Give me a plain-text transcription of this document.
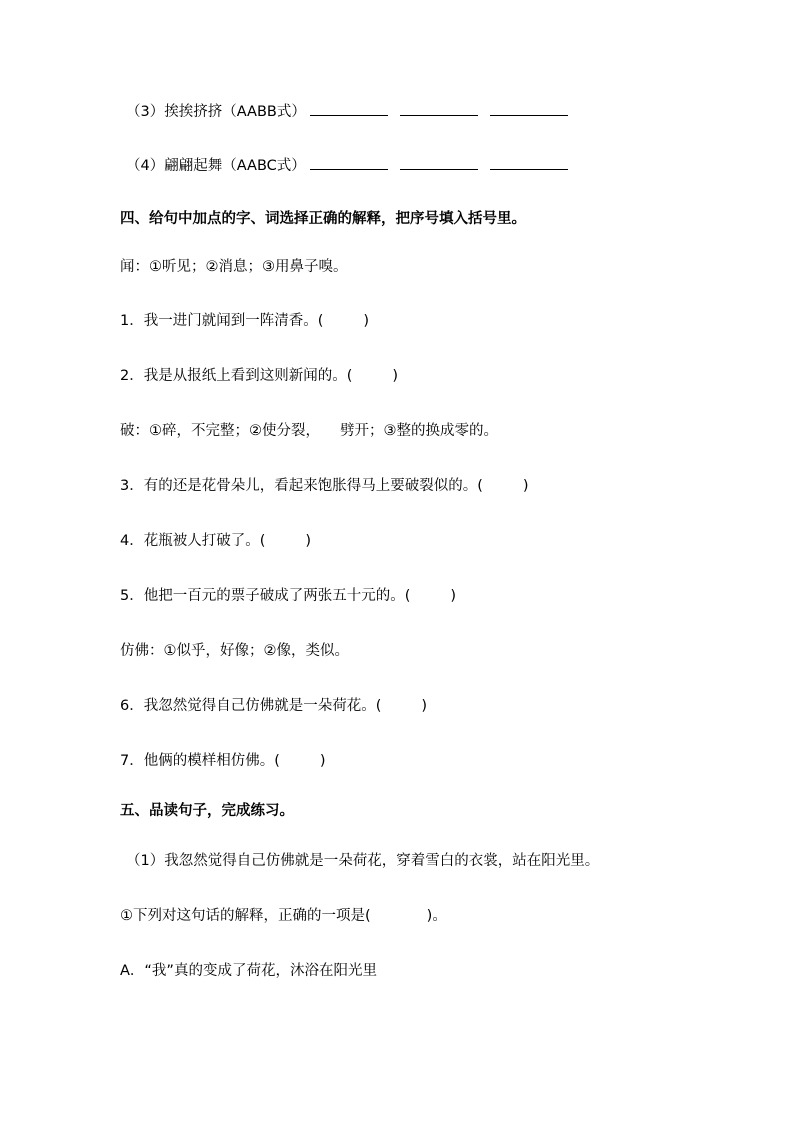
（3）挨挨挤挤（AABB式）
（4）翩翩起舞（AABC式）
四、给句中加点的字、词选择正确的解释，把序号填入括号里。
闻：①听见；②消息；③用鼻子嗅。
1．我一进门就闻到一阵清香。(	)
2．我是从报纸上看到这则新闻的。(	)
破：①碎，不完整；②使分裂， 劈开；③整的换成零的。
3．有的还是花骨朵儿，看起来饱胀得马上要破裂似的。(	)
4．花瓶被人打破了。(	)
5．他把一百元的票子破成了两张五十元的。(	)
仿佛：①似乎，好像；②像，类似。
6．我忽然觉得自己仿佛就是一朵荷花。(	)
7．他俩的模样相仿佛。(	)
五、品读句子，完成练习。
（1）我忽然觉得自己仿佛就是一朵荷花，穿着雪白的衣裳，站在阳光里。
①下列对这句话的解释，正确的一项是(	)。
A．“我”真的变成了荷花，沐浴在阳光里
